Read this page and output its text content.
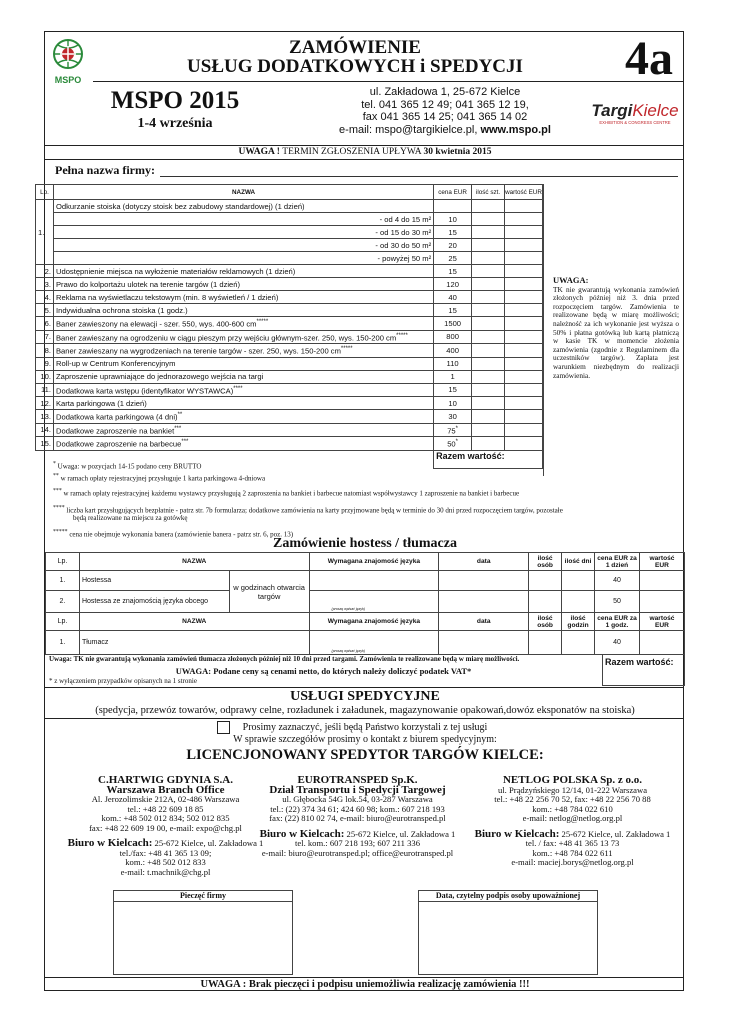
MSPO
ZAMÓWIENIE
USŁUG DODATKOWYCH i SPEDYCJI	4a
MSPO 2015
1-4 września
ul. Zakładowa 1, 25-672 Kielce
tel. 041 365 12 49; 041 365 12 19,
fax 041 365 14 25; 041 365 14 02
e-mail: mspo@targikielce.pl, www.mspo.pl
TargiKielce
EXHIBITION & CONGRESS CENTRE
UWAGA ! TERMIN ZGŁOSZENIA UPŁYWA 30 kwietnia 2015
Pełna nazwa firmy:
Lp.	NAZWA	cena EUR	ilość szt.	wartość EUR
1.	Odkurzanie stoiska (dotyczy stoisk bez zabudowy standardowej) (1 dzień)			
	- od 4 do 15 m²	10		
	- od 15 do 30 m²	15		
	- od 30 do 50 m²	20		
	- powyżej 50 m²	25		
2.	Udostępnienie miejsca na wyłożenie materiałów reklamowych (1 dzień)	15		
3.	Prawo do kolportażu ulotek na terenie targów (1 dzień)	120		
4.	Reklama na wyświetlaczu tekstowym (min. 8 wyświetleń / 1 dzień)	40		
5.	Indywidualna ochrona stoiska (1 godz.)	15		
6.	Baner zawieszony na elewacji - szer. 550, wys. 400-600 cm*****	1500		
7.	Baner zawieszany na ogrodzeniu w ciągu pieszym przy wejściu głównym-szer. 250, wys. 150-200 cm*****	800		
8.	Baner zawieszany na wygrodzeniach na terenie targów - szer. 250, wys. 150-200 cm*****	400		
9.	Roll-up w Centrum Konferencyjnym	110		
10.	Zaproszenie uprawniające do jednorazowego wejścia na targi	1		
11.	Dodatkowa karta wstępu (identyfikator WYSTAWCA)****	15		
12.	Karta parkingowa (1 dzień)	10		
13.	Dodatkowa karta parkingowa (4 dni)**	30		
14.	Dodatkowe zaproszenie na bankiet***	75*		
15.	Dodatkowe zaproszenie na barbecue***	50*		
		Razem wartość:		
UWAGA:
TK nie gwarantują wykonania zamówień złożonych później niż 3. dnia przed rozpoczęciem targów. Zamówienia te realizowane będą w miarę możliwości; należność za ich wykonanie jest wyższa o 50% i płatna gotówką lub kartą płatniczą w kasie TK w momencie złożenia zamówienia (zgodnie z Regulaminem dla uczestników targów). Zapłata jest warunkiem niezbędnym do realizacji zamówienia.
* Uwaga: w pozycjach 14-15 podano ceny BRUTTO
** w ramach opłaty rejestracyjnej przysługuje 1 karta parkingowa 4-dniowa
*** w ramach opłaty rejestracyjnej każdemu wystawcy przysługują 2 zaproszenia na bankiet i barbecue natomiast współwystawcy 1 zaproszenie na bankiet i barbecue
**** liczba kart przysługujących bezpłatnie - patrz str. 7b formularza; dodatkowe zamówienia na karty przyjmowane będą w terminie do 30 dni przed rozpoczęciem targów, pozostałe
będą realizowane na miejscu za gotówkę
***** cena nie obejmuje wykonania banera (zamówienie banera - patrz str. 6, poz. 13)
Zamówienie hostess / tłumacza
Lp.	NAZWA		Wymagana znajomość języka	data	ilość osób	ilość dni	cena EUR za 1 dzień	wartość EUR
1.	Hostessa	w godzinach otwarcia targów					40	
2.	Hostessa ze znajomością języka obcego		(proszę wpisać język)				50	
Lp.	NAZWA		Wymagana znajomość języka	data	ilość osób	ilość godzin	cena EUR za 1 godz.	wartość EUR
1.	Tłumacz		(proszę wpisać język)				40	
Uwaga: TK nie gwarantują wykonania zamówień tłumacza złożonych później niż 10 dni przed targami. Zamówienia te realizowane będą w miarę możliwości.	Razem wartość:
UWAGA: Podane ceny są cenami netto, do których należy doliczyć podatek VAT*
* z wyłączeniem przypadków opisanych na 1 stronie
USŁUGI SPEDYCYJNE
(spedycja, przewóz towarów, odprawy celne, rozładunek i załadunek, magazynowanie opakowań,dowóz eksponatów na stoiska)
Prosimy zaznaczyć, jeśli będą Państwo korzystali z tej usługi
W sprawie szczegółów prosimy o kontakt z biurem spedycyjnym:
LICENCJONOWANY SPEDYTOR TARGÓW KIELCE:
C.HARTWIG GDYNIA S.A.
Warszawa Branch Office
Al. Jerozolimskie 212A, 02-486 Warszawa
tel.: +48 22 609 18 85
kom.: +48 502 012 834; 502 012 835
fax: +48 22 609 19 00, e-mail: expo@chg.pl

Biuro w Kielcach: 25-672 Kielce, ul. Zakładowa 1
tel./fax: +48 41 365 13 09;
kom.: +48 502 012 833
e-mail: t.machnik@chg.pl

EUROTRANSPED Sp.K.
Dział Transportu i Spedycji Targowej
ul. Głębocka 54G lok.54, 03-287 Warszawa
tel.: (22) 374 34 61; 424 60 98; kom.: 607 218 193
fax: (22) 810 02 74, e-mail: biuro@eurotransped.pl

Biuro w Kielcach: 25-672 Kielce, ul. Zakładowa 1
tel. kom.: 607 218 193; 607 211 336
e-mail: biuro@eurotransped.pl; office@eurotransped.pl

NETLOG POLSKA Sp. z o.o.
ul. Prądzyńskiego 12/14, 01-222 Warszawa
tel.: +48 22 256 70 52, fax: +48 22 256 70 88
kom.: +48 784 022 610
e-mail: netlog@netlog.org.pl

Biuro w Kielcach: 25-672 Kielce, ul. Zakładowa 1
tel. / fax: +48 41 365 13 73
kom.: +48 784 022 611
e-mail: maciej.borys@netlog.org.pl

Pieczęć firmy	Data, czytelny podpis osoby upoważnionej
UWAGA : Brak pieczęci i podpisu uniemożliwia realizację zamówienia !!!
